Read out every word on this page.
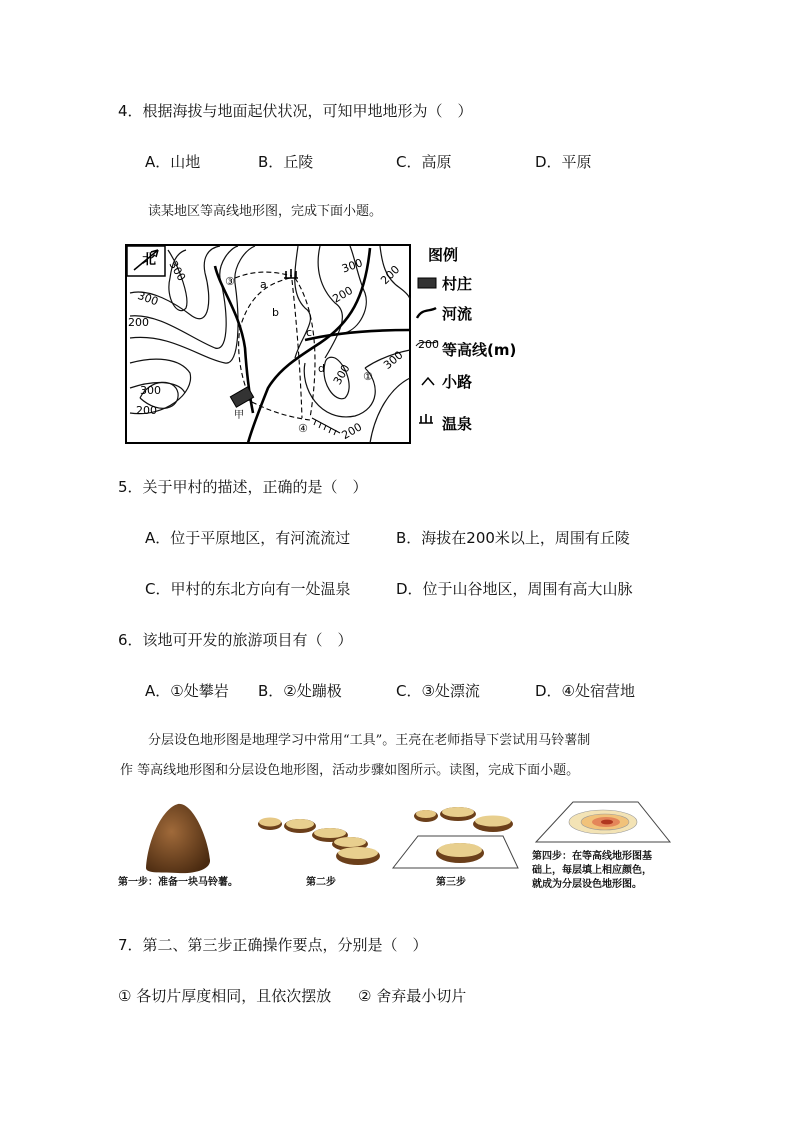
4．根据海拔与地面起伏状况，可知甲地地形为（　）
A．山地	B．丘陵	C．高原	D．平原
读某地区等高线地形图，完成下面小题。
北
甲
300
300
200
300
200
300
300
200
200
300
200
a
b
c
d
①
③
④
图例
村庄
河流
200 等高线(m)
小路
温泉
5．关于甲村的描述，正确的是（　）
A．位于平原地区，有河流流过	B．海拔在200米以上，周围有丘陵
C．甲村的东北方向有一处温泉	D．位于山谷地区，周围有高大山脉
6．该地可开发的旅游项目有（　）
A．①处攀岩 B．②处蹦极	C．③处漂流	D．④处宿营地
分层设色地形图是地理学习中常用“工具”。王亮在老师指导下尝试用马铃薯制
作 等高线地形图和分层设色地形图，活动步骤如图所示。读图，完成下面小题。
第一步：准备一块马铃薯。	第二步	第三步
第四步：在等高线地形图基
础上，每层填上相应颜色，
就成为分层设色地形图。
7．第二、第三步正确操作要点，分别是（　）
① 各切片厚度相同，且依次摆放 ② 舍弃最小切片
